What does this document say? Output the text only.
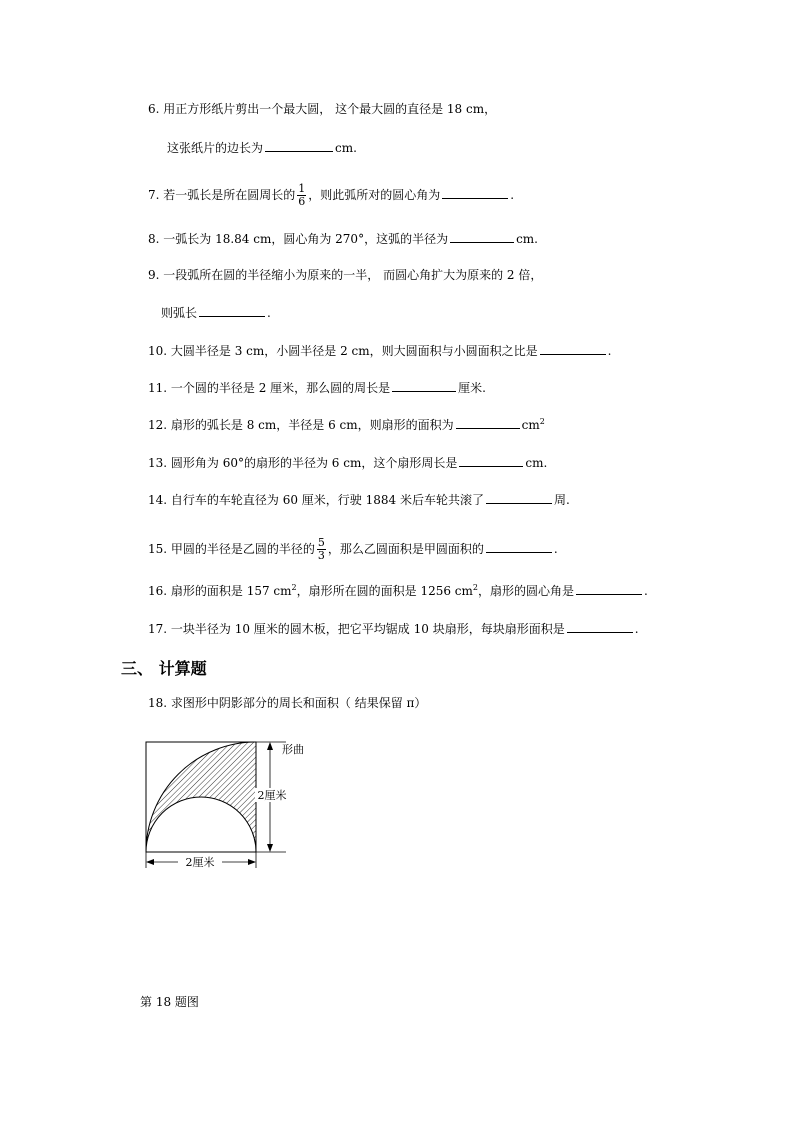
6. 用正方形纸片剪出一个最大圆， 这个最大圆的直径是 18 cm，
这张纸片的边长为	cm.
7. 若一弧长是所在圆周长的 $\frac{1}{6}$ ，则此弧所对的圆心角为	.
8. 一弧长为 18.84 cm，圆心角为 270°，这弧的半径为	cm.
9. 一段弧所在圆的半径缩小为原来的一半， 而圆心角扩大为原来的 2 倍，
则弧长	.
10. 大圆半径是 3 cm，小圆半径是 2 cm，则大圆面积与小圆面积之比是	.
11. 一个圆的半径是 2 厘米，那么圆的周长是	厘米.
12. 扇形的弧长是 8 cm，半径是 6 cm，则扇形的面积为	$cm^2$
13. 圆形角为 60°的扇形的半径为 6 cm，这个扇形周长是	cm.
14. 自行车的车轮直径为 60 厘米，行驶 1884 米后车轮共滚了	周.
15. 甲圆的半径是乙圆的半径的 $\frac{5}{3}$ ，那么乙圆面积是甲圆面积的	.
16. 扇形的面积是 157 $cm^2$，扇形所在圆的面积是 1256 $cm^2$，扇形的圆心角是	.
17. 一块半径为 10 厘米的圆木板，把它平均锯成 10 块扇形，每块扇形面积是	.
三、 计算题
18. 求图形中阴影部分的周长和面积（ 结果保留 π）
2厘米
2厘米
形曲
第 18 题图
